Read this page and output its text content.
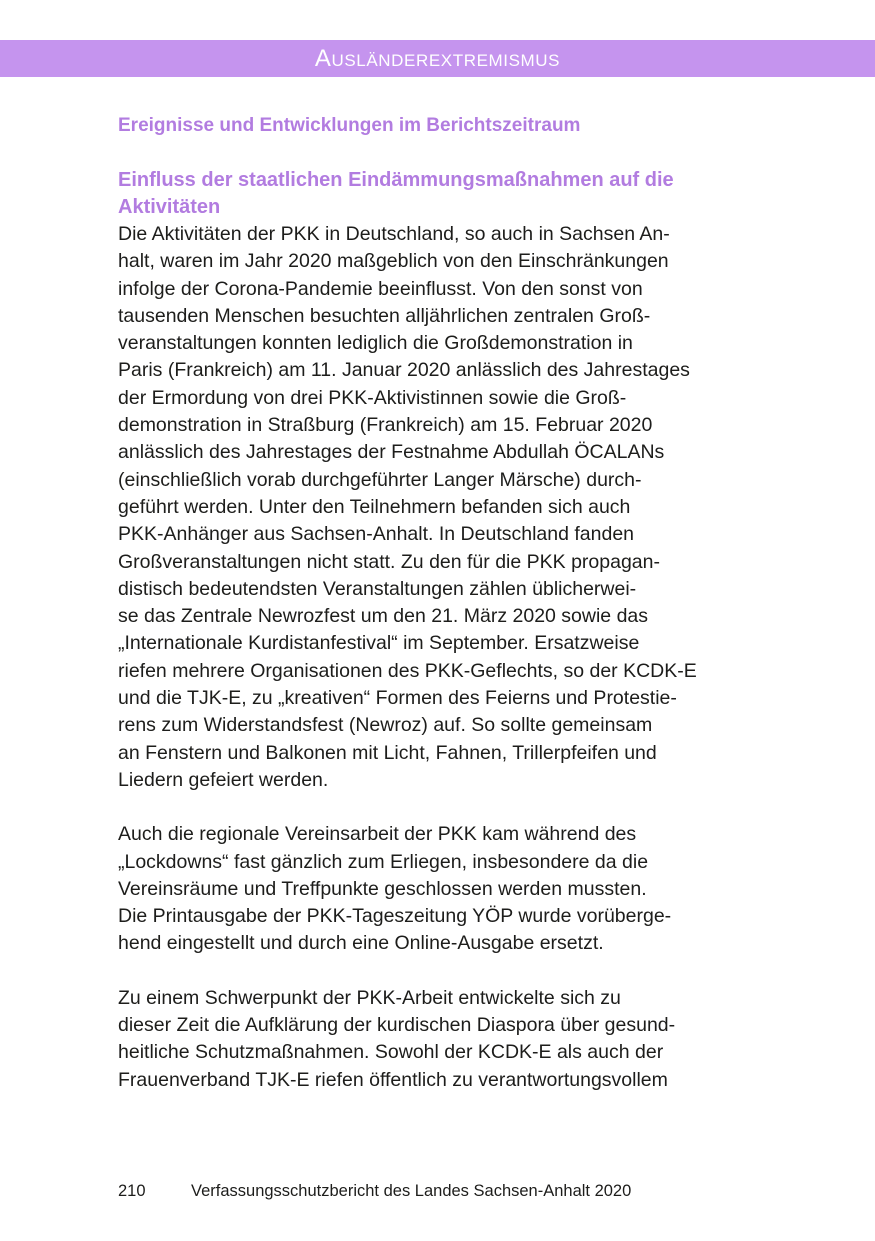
Ausländerextremismus
Ereignisse und Entwicklungen im Berichtszeitraum
Einfluss der staatlichen Eindämmungsmaßnahmen auf die
Aktivitäten

Die Aktivitäten der PKK in Deutschland, so auch in Sachsen An-
halt, waren im Jahr 2020 maßgeblich von den Einschränkungen
infolge der Corona-Pandemie beeinflusst. Von den sonst von
tausenden Menschen besuchten alljährlichen zentralen Groß-
veranstaltungen konnten lediglich die Großdemonstration in
Paris (Frankreich) am 11. Januar 2020 anlässlich des Jahrestages
der Ermordung von drei PKK-Aktivistinnen sowie die Groß-
demonstration in Straßburg (Frankreich) am 15. Februar 2020
anlässlich des Jahrestages der Festnahme Abdullah ÖCALANs
(einschließlich vorab durchgeführter Langer Märsche) durch-
geführt werden. Unter den Teilnehmern befanden sich auch
PKK-Anhänger aus Sachsen-Anhalt. In Deutschland fanden
Großveranstaltungen nicht statt. Zu den für die PKK propagan-
distisch bedeutendsten Veranstaltungen zählen üblicherwei-
se das Zentrale Newrozfest um den 21. März 2020 sowie das
„Internationale Kurdistanfestival“ im September. Ersatzweise
riefen mehrere Organisationen des PKK-Geflechts, so der KCDK-E
und die TJK-E, zu „kreativen“ Formen des Feierns und Protestie-
rens zum Widerstandsfest (Newroz) auf. So sollte gemeinsam
an Fenstern und Balkonen mit Licht, Fahnen, Trillerpfeifen und
Liedern gefeiert werden.

Auch die regionale Vereinsarbeit der PKK kam während des
„Lockdowns“ fast gänzlich zum Erliegen, insbesondere da die
Vereinsräume und Treffpunkte geschlossen werden mussten.
Die Printausgabe der PKK-Tageszeitung YÖP wurde vorüberge-
hend eingestellt und durch eine Online-Ausgabe ersetzt.

Zu einem Schwerpunkt der PKK-Arbeit entwickelte sich zu
dieser Zeit die Aufklärung der kurdischen Diaspora über gesund-
heitliche Schutzmaßnahmen. Sowohl der KCDK-E als auch der
Frauenverband TJK-E riefen öffentlich zu verantwortungsvollem

210	Verfassungsschutzbericht des Landes Sachsen-Anhalt 2020
